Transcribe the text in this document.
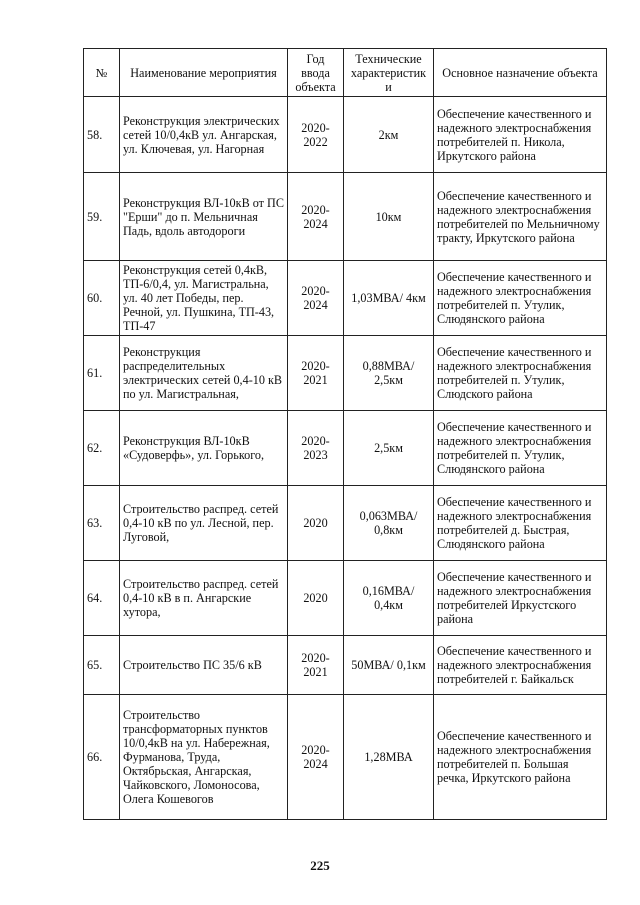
№	Наименование мероприятия	Год ввода объекта	Технические характеристик и	Основное назначение объекта
58.	Реконструкция электрических сетей 10/0,4кВ ул. Ангарская, ул. Ключевая, ул. Нагорная	2020-2022	2км	Обеспечение качественного и надежного электроснабжения потребителей п. Никола, Иркутского района
59.	Реконструкция ВЛ-10кВ от ПС "Ерши" до п. Мельничная Падь, вдоль автодороги	2020-2024	10км	Обеспечение качественного и надежного электроснабжения потребителей по Мельничному тракту, Иркутского района
60.	Реконструкция сетей 0,4кВ, ТП-6/0,4, ул. Магистральна, ул. 40 лет Победы, пер. Речной, ул. Пушкина, ТП-43, ТП-47	2020-2024	1,03МВА/ 4км	Обеспечение качественного и надежного электроснабжения потребителей п. Утулик, Слюдянского района
61.	Реконструкция распределительных электрических сетей 0,4-10 кВ по ул. Магистральная,	2020-2021	0,88МВА/ 2,5км	Обеспечение качественного и надежного электроснабжения потребителей п. Утулик, Слюдского района
62.	Реконструкция ВЛ-10кВ «Судоверфь», ул. Горького,	2020-2023	2,5км	Обеспечение качественного и надежного электроснабжения потребителей п. Утулик, Слюдянского района
63.	Строительство распред. сетей 0,4-10 кВ по ул. Лесной, пер. Луговой,	2020	0,063МВА/ 0,8км	Обеспечение качественного и надежного электроснабжения потребителей д. Быстрая, Слюдянского района
64.	Строительство распред. сетей 0,4-10 кВ в п. Ангарские хутора,	2020	0,16МВА/ 0,4км	Обеспечение качественного и надежного электроснабжения потребителей Иркустского района
65.	Строительство ПС 35/6 кВ	2020-2021	50МВА/ 0,1км	Обеспечение качественного и надежного электроснабжения потребителей г. Байкальск
66.	Строительство трансформаторных пунктов 10/0,4кВ на ул. Набережная, Фурманова, Труда, Октябрьская, Ангарская, Чайковского, Ломоносова, Олега Кошевогов	2020-2024	1,28МВА	Обеспечение качественного и надежного электроснабжения потребителей п. Большая речка, Иркутского района
225
